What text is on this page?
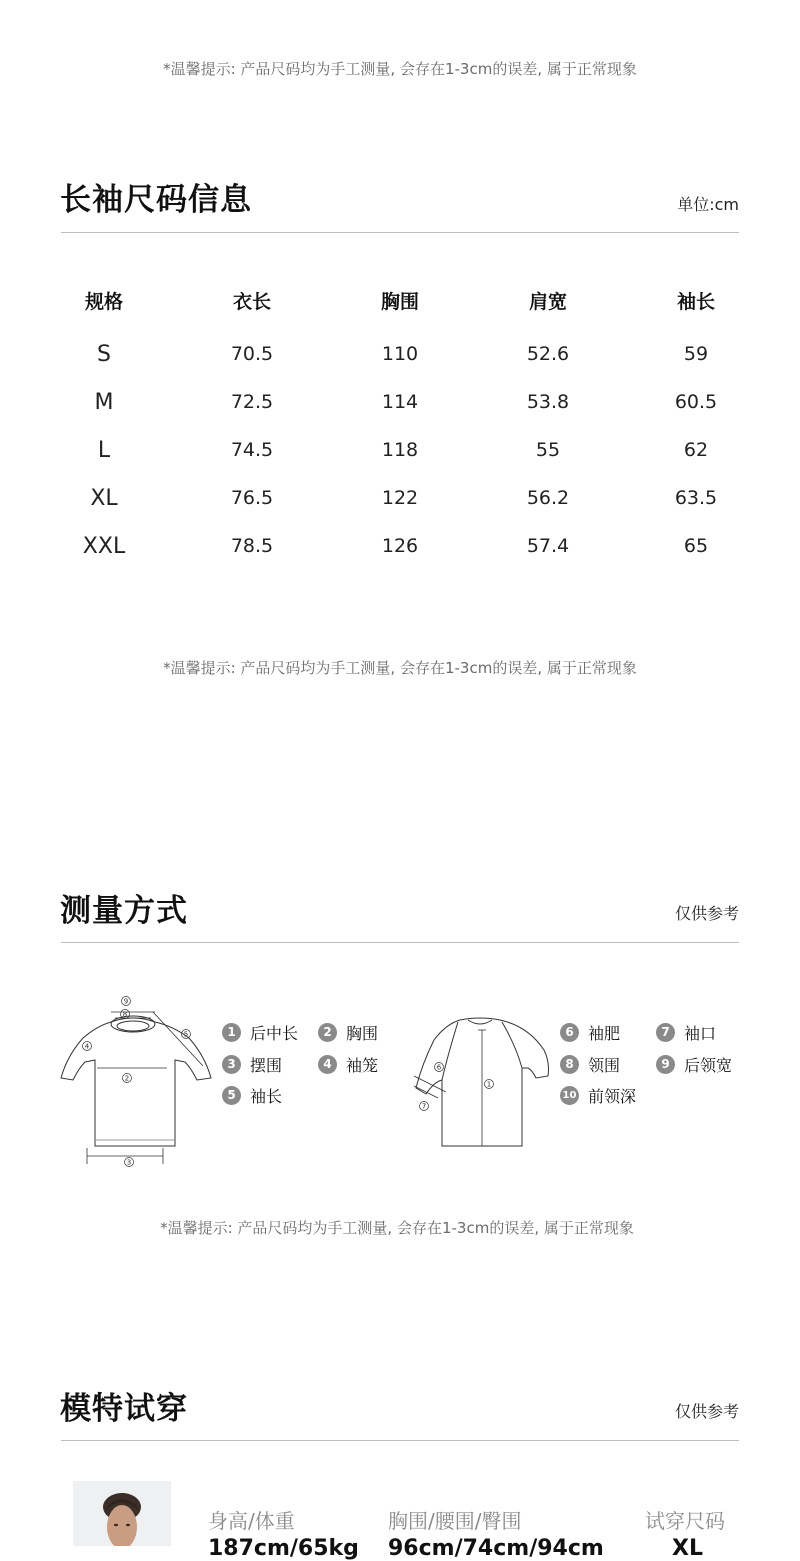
*温馨提示: 产品尺码均为手工测量, 会存在1-3cm的误差, 属于正常现象
长袖尺码信息	单位:cm
规格	衣长	胸围	肩宽	袖长
S	70.5	110	52.6	59
M	72.5	114	53.8	60.5
L	74.5	118	55	62
XL	76.5	122	56.2	63.5
XXL	78.5	126	57.4	65
*温馨提示: 产品尺码均为手工测量, 会存在1-3cm的误差, 属于正常现象
测量方式	仅供参考
9
8
4
5
2
3
1 后中长	2 胸围
3 摆围	4 袖笼
5 袖长
1
6
7
6 袖肥	7 袖口
8 领围	9 后领宽
10 前领深
*温馨提示: 产品尺码均为手工测量, 会存在1-3cm的误差, 属于正常现象
模特试穿	仅供参考
身高/体重	胸围/腰围/臀围	试穿尺码
187cm/65kg 96cm/74cm/94cm	XL
